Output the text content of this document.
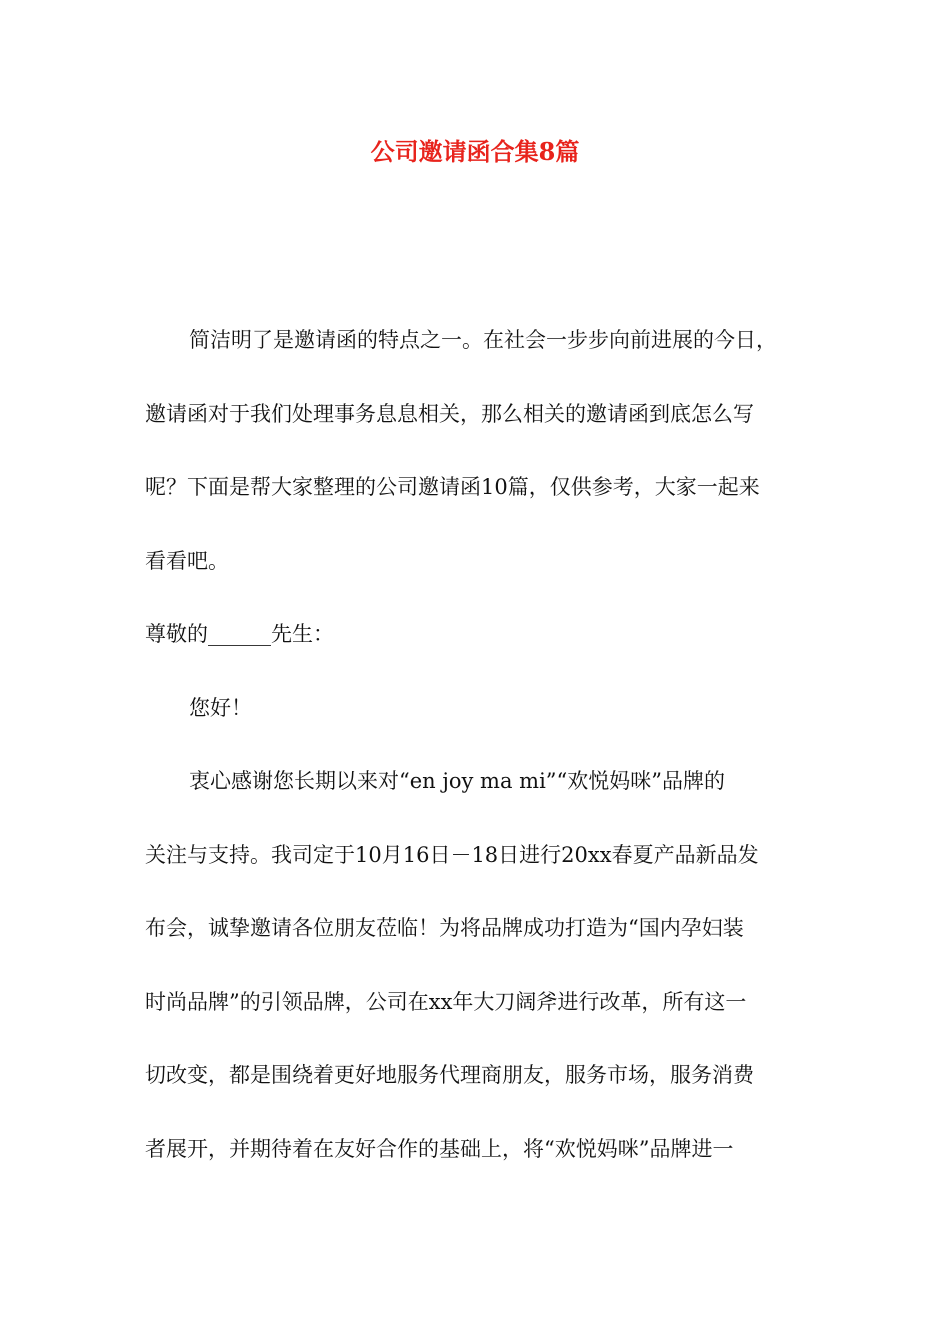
公司邀请函合集8篇

简洁明了是邀请函的特点之一。在社会一步步向前进展的今日，

邀请函对于我们处理事务息息相关，那么相关的邀请函到底怎么写

呢？下面是帮大家整理的公司邀请函10篇，仅供参考，大家一起来

看看吧。

尊敬的______先生：

您好！

衷心感谢您长期以来对“en joy ma mi”“欢悦妈咪”品牌的

关注与支持。我司定于10月16日－18日进行20xx春夏产品新品发

布会，诚挚邀请各位朋友莅临！为将品牌成功打造为“国内孕妇装

时尚品牌”的引领品牌，公司在xx年大刀阔斧进行改革，所有这一

切改变，都是围绕着更好地服务代理商朋友，服务市场，服务消费

者展开，并期待着在友好合作的基础上，将“欢悦妈咪”品牌进一
